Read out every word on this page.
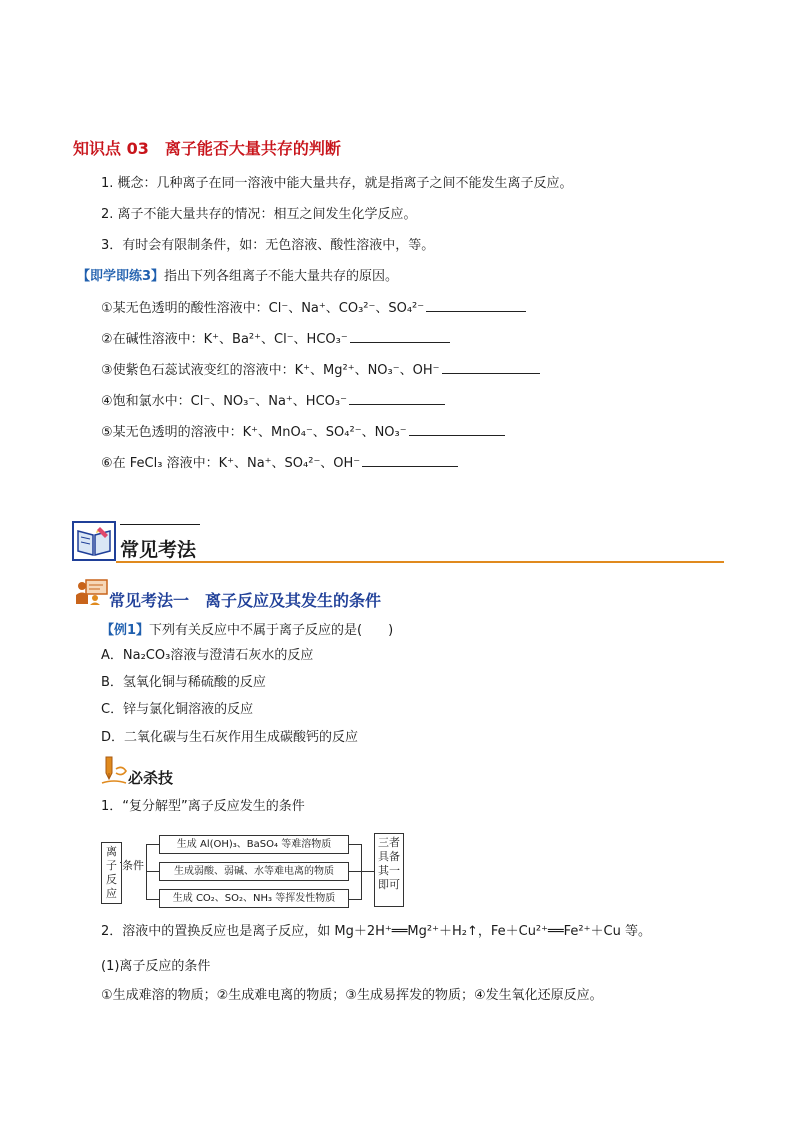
知识点 03 离子能否大量共存的判断
1. 概念：几种离子在同一溶液中能大量共存，就是指离子之间不能发生离子反应。
2. 离子不能大量共存的情况：相互之间发生化学反应。
3．有时会有限制条件，如：无色溶液、酸性溶液中，等。
【即学即练3】指出下列各组离子不能大量共存的原因。
①某无色透明的酸性溶液中：Cl⁻、Na⁺、CO₃²⁻、SO₄²⁻
②在碱性溶液中：K⁺、Ba²⁺、Cl⁻、HCO₃⁻
③使紫色石蕊试液变红的溶液中：K⁺、Mg²⁺、NO₃⁻、OH⁻
④饱和氯水中：Cl⁻、NO₃⁻、Na⁺、HCO₃⁻
⑤某无色透明的溶液中：K⁺、MnO₄⁻、SO₄²⁻、NO₃⁻
⑥在 FeCl₃ 溶液中：K⁺、Na⁺、SO₄²⁻、OH⁻
常见考法
常见考法一　离子反应及其发生的条件
【例1】下列有关反应中不属于离子反应的是(　　)
A．Na₂CO₃溶液与澄清石灰水的反应
B．氢氧化铜与稀硫酸的反应
C．锌与氯化铜溶液的反应
D．二氧化碳与生石灰作用生成碳酸钙的反应
必杀技
1．“复分解型”离子反应发生的条件
离子反应
条件
生成 Al(OH)₃、BaSO₄ 等难溶物质
生成弱酸、弱碱、水等难电离的物质
生成 CO₂、SO₂、NH₃ 等挥发性物质
三者具备其一即可
2．溶液中的置换反应也是离子反应，如 Mg＋2H⁺══Mg²⁺＋H₂↑，Fe＋Cu²⁺══Fe²⁺＋Cu 等。
(1)离子反应的条件
①生成难溶的物质；②生成难电离的物质；③生成易挥发的物质；④发生氧化还原反应。
